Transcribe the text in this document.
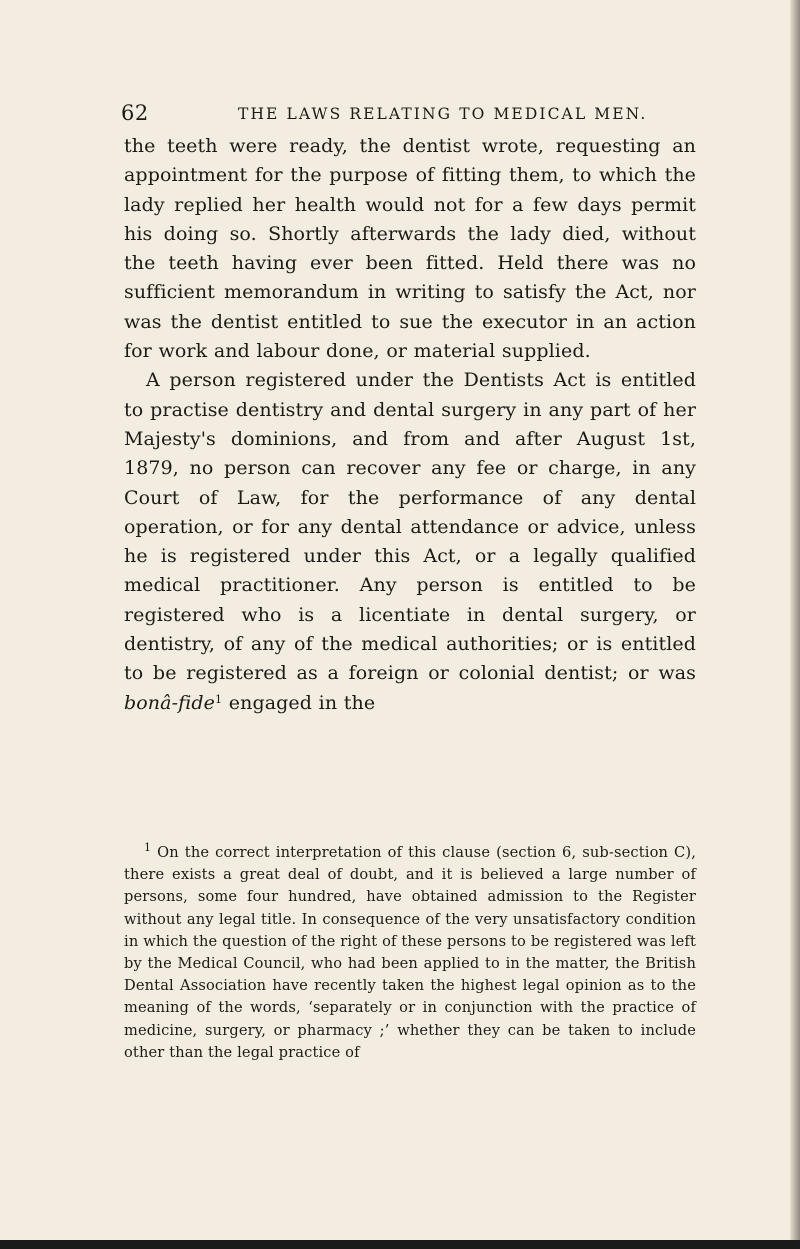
62	THE LAWS RELATING TO MEDICAL MEN.

the teeth were ready, the dentist wrote, requesting an appointment for the purpose of fitting them, to which the lady replied her health would not for a few days permit his doing so. Shortly afterwards the lady died, without the teeth having ever been fitted. Held there was no sufficient memorandum in writing to satisfy the Act, nor was the dentist entitled to sue the executor in an action for work and labour done, or material supplied.

A person registered under the Dentists Act is entitled to practise dentistry and dental surgery in any part of her Majesty's dominions, and from and after August 1st, 1879, no person can recover any fee or charge, in any Court of Law, for the performance of any dental operation, or for any dental attendance or advice, unless he is registered under this Act, or a legally qualified medical practitioner. Any person is entitled to be registered who is a licentiate in dental surgery, or dentistry, of any of the medical authorities; or is entitled to be registered as a foreign or colonial dentist; or was bonâ-fide$^1$ engaged in the

$^1$ On the correct interpretation of this clause (section 6, sub-section C), there exists a great deal of doubt, and it is believed a large number of persons, some four hundred, have obtained admission to the Register without any legal title. In consequence of the very unsatisfactory condition in which the question of the right of these persons to be registered was left by the Medical Council, who had been applied to in the matter, the British Dental Association have recently taken the highest legal opinion as to the meaning of the words, ‘separately or in conjunction with the practice of medicine, surgery, or pharmacy ;’ whether they can be taken to include other than the legal practice of
